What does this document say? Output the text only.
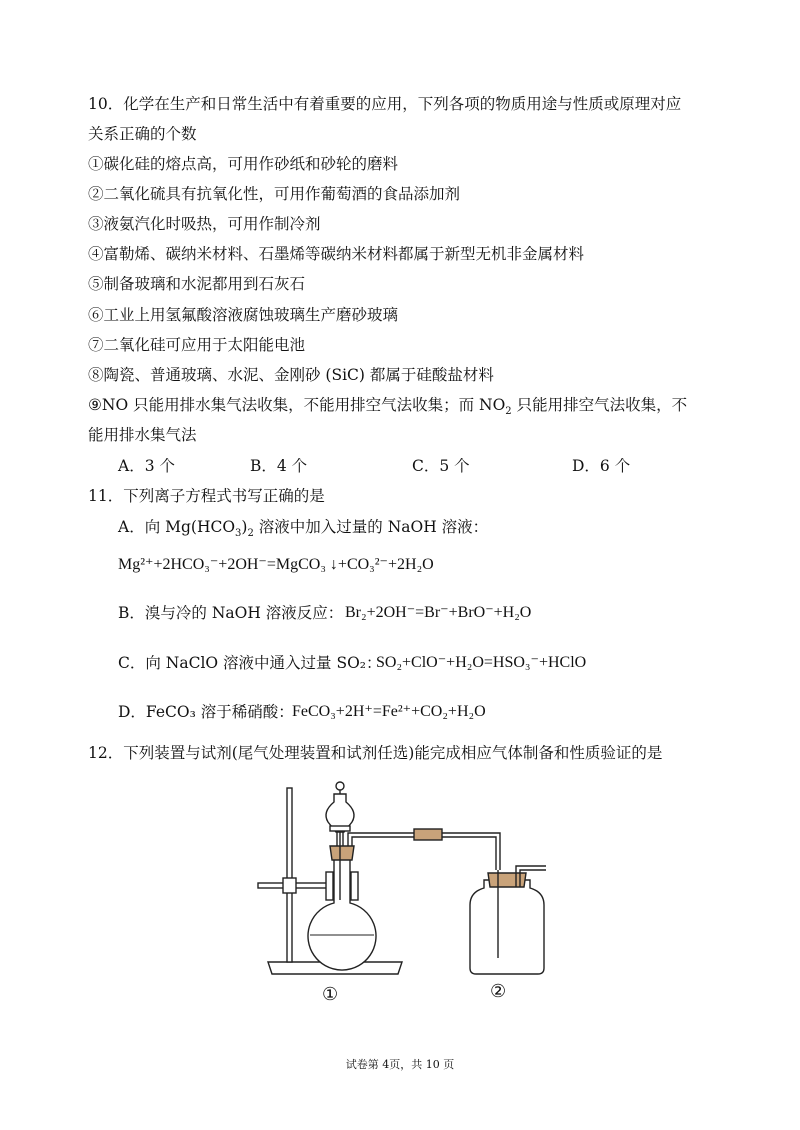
10．化学在生产和日常生活中有着重要的应用，下列各项的物质用途与性质或原理对应
关系正确的个数
①碳化硅的熔点高，可用作砂纸和砂轮的磨料
②二氧化硫具有抗氧化性，可用作葡萄酒的食品添加剂
③液氨汽化时吸热，可用作制冷剂
④富勒烯、碳纳米材料、石墨烯等碳纳米材料都属于新型无机非金属材料
⑤制备玻璃和水泥都用到石灰石
⑥工业上用氢氟酸溶液腐蚀玻璃生产磨砂玻璃
⑦二氧化硅可应用于太阳能电池
⑧陶瓷、普通玻璃、水泥、金刚砂 (SiC) 都属于硅酸盐材料
⑨NO 只能用排水集气法收集，不能用排空气法收集；而 $NO_2$ 只能用排空气法收集，不
能用排水集气法
A．3 个	B．4 个	C．5 个	D．6 个
11．下列离子方程式书写正确的是
A．向 $Mg(HCO_3)_2$ 溶液中加入过量的 NaOH 溶液：
Mg²⁺+2HCO₃⁻+2OH⁻=MgCO₃ ↓+CO₃²⁻+2H₂O
B．溴与冷的 NaOH 溶液反应： Br₂+2OH⁻=Br⁻+BrO⁻+H₂O
C．向 NaClO 溶液中通入过量 SO₂：
SO₂+ClO⁻+H₂O=HSO₃⁻+HClO
D．FeCO₃ 溶于稀硝酸：
FeCO₃+2H⁺=Fe²⁺+CO₂+H₂O
12．下列装置与试剂(尾气处理装置和试剂任选)能完成相应气体制备和性质验证的是
①	②
试卷第 4页，共 10 页
